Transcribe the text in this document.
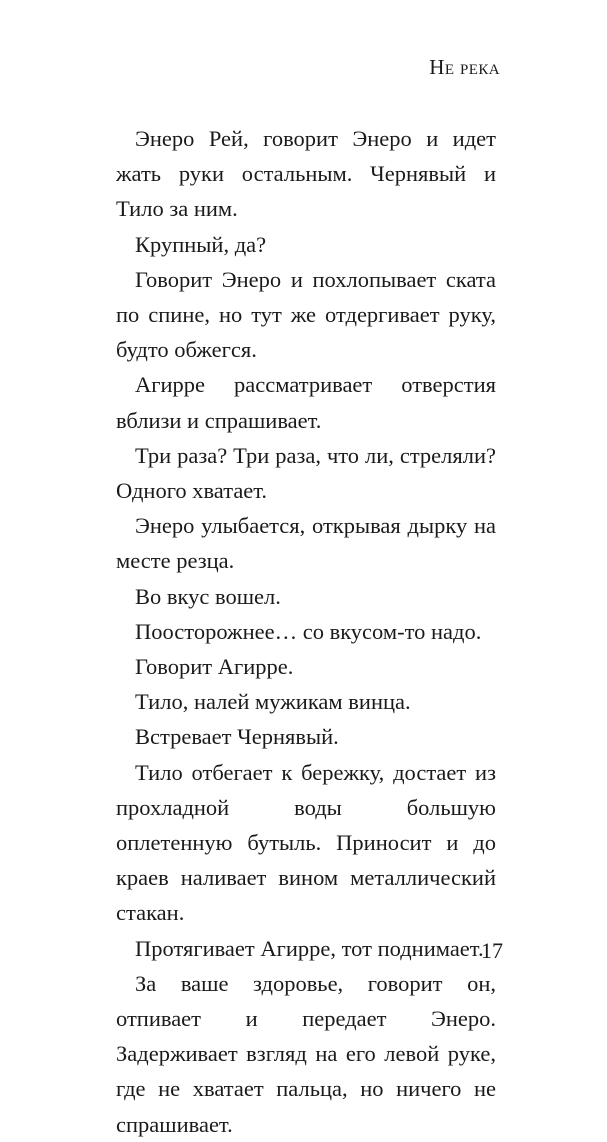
Не река

Энеро Рей, говорит Энеро и идет жать руки остальным. Чернявый и Тило за ним.

Крупный, да?

Говорит Энеро и похлопывает ската по спине, но тут же отдергивает руку, будто обжегся.

Агирре рассматривает отверстия вблизи и спрашивает.

Три раза? Три раза, что ли, стреляли? Одного хватает.

Энеро улыбается, открывая дырку на месте резца.

Во вкус вошел.

Поосторожнее… со вкусом-то надо.

Говорит Агирре.

Тило, налей мужикам винца.

Встревает Чернявый.

Тило отбегает к бережку, достает из прохладной воды большую оплетенную бутыль. Приносит и до краев наливает вином металлический стакан.

Протягивает Агирре, тот поднимает.

За ваше здоровье, говорит он, отпивает и передает Энеро. Задерживает взгляд на его левой руке, где не хватает пальца, но ничего не спрашивает.

17
